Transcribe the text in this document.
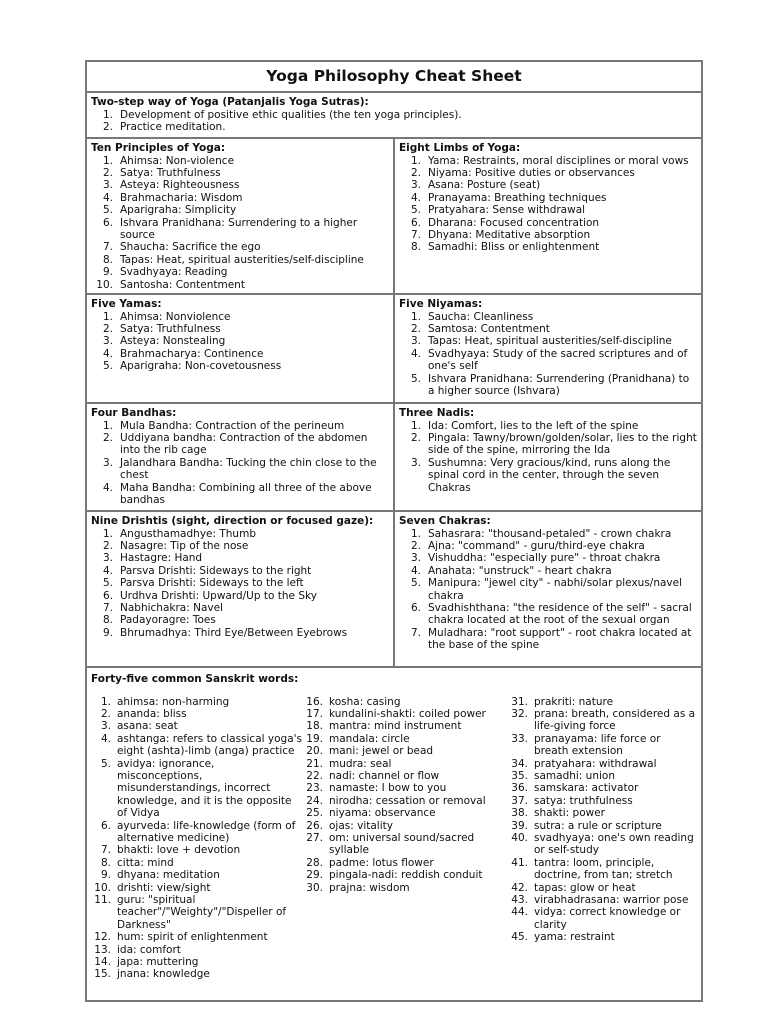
Yoga Philosophy Cheat Sheet
Two-step way of Yoga (Patanjalis Yoga Sutras):
1. Development of positive ethic qualities (the ten yoga principles).
2. Practice meditation.
Ten Principles of Yoga:
1. Ahimsa: Non-violence
2. Satya: Truthfulness
3. Asteya: Righteousness
4. Brahmacharia: Wisdom
5. Aparigraha: Simplicity
6. Ishvara Pranidhana: Surrendering to a higher source
7. Shaucha: Sacrifice the ego
8. Tapas: Heat, spiritual austerities/self-discipline
9. Svadhyaya: Reading
10. Santosha: Contentment
Eight Limbs of Yoga:
1. Yama: Restraints, moral disciplines or moral vows
2. Niyama: Positive duties or observances
3. Asana: Posture (seat)
4. Pranayama: Breathing techniques
5. Pratyahara: Sense withdrawal
6. Dharana: Focused concentration
7. Dhyana: Meditative absorption
8. Samadhi: Bliss or enlightenment
Five Yamas:
1. Ahimsa: Nonviolence
2. Satya: Truthfulness
3. Asteya: Nonstealing
4. Brahmacharya: Continence
5. Aparigraha: Non-covetousness
Five Niyamas:
1. Saucha: Cleanliness
2. Samtosa: Contentment
3. Tapas: Heat, spiritual austerities/self-discipline
4. Svadhyaya: Study of the sacred scriptures and of one's self
5. Ishvara Pranidhana: Surrendering (Pranidhana) to a higher source (Ishvara)
Four Bandhas:
1. Mula Bandha: Contraction of the perineum
2. Uddiyana bandha: Contraction of the abdomen into the rib cage
3. Jalandhara Bandha: Tucking the chin close to the chest
4. Maha Bandha: Combining all three of the above bandhas
Three Nadis:
1. Ida: Comfort, lies to the left of the spine
2. Pingala: Tawny/brown/golden/solar, lies to the right side of the spine, mirroring the Ida
3. Sushumna: Very gracious/kind, runs along the spinal cord in the center, through the seven Chakras
Nine Drishtis (sight, direction or focused gaze):
1. Angusthamadhye: Thumb
2. Nasagre: Tip of the nose
3. Hastagre: Hand
4. Parsva Drishti: Sideways to the right
5. Parsva Drishti: Sideways to the left
6. Urdhva Drishti: Upward/Up to the Sky
7. Nabhichakra: Navel
8. Padayoragre: Toes
9. Bhrumadhya: Third Eye/Between Eyebrows
Seven Chakras:
1. Sahasrara: "thousand-petaled" - crown chakra
2. Ajna: "command" - guru/third-eye chakra
3. Vishuddha: "especially pure" - throat chakra
4. Anahata: "unstruck" - heart chakra
5. Manipura: "jewel city" - nabhi/solar plexus/navel chakra
6. Svadhishthana: "the residence of the self" - sacral chakra located at the root of the sexual organ
7. Muladhara: "root support" - root chakra located at the base of the spine
Forty-five common Sanskrit words:
1. ahimsa: non-harming
2. ananda: bliss
3. asana: seat
4. ashtanga: refers to classical yoga's eight (ashta)-limb (anga) practice
5. avidya: ignorance, misconceptions, misunderstandings, incorrect knowledge, and it is the opposite of Vidya
6. ayurveda: life-knowledge (form of alternative medicine)
7. bhakti: love + devotion
8. citta: mind
9. dhyana: meditation
10. drishti: view/sight
11. guru: "spiritual teacher"/"Weighty"/"Dispeller of Darkness"
12. hum: spirit of enlightenment
13. ida: comfort
14. japa: muttering
15. jnana: knowledge
16. kosha: casing
17. kundalini-shakti: coiled power
18. mantra: mind instrument
19. mandala: circle
20. mani: jewel or bead
21. mudra: seal
22. nadi: channel or flow
23. namaste: I bow to you
24. nirodha: cessation or removal
25. niyama: observance
26. ojas: vitality
27. om: universal sound/sacred syllable
28. padme: lotus flower
29. pingala-nadi: reddish conduit
30. prajna: wisdom
31. prakriti: nature
32. prana: breath, considered as a life-giving force
33. pranayama: life force or breath extension
34. pratyahara: withdrawal
35. samadhi: union
36. samskara: activator
37. satya: truthfulness
38. shakti: power
39. sutra: a rule or scripture
40. svadhyaya: one's own reading or self-study
41. tantra: loom, principle, doctrine, from tan; stretch
42. tapas: glow or heat
43. virabhadrasana: warrior pose
44. vidya: correct knowledge or clarity
45. yama: restraint
